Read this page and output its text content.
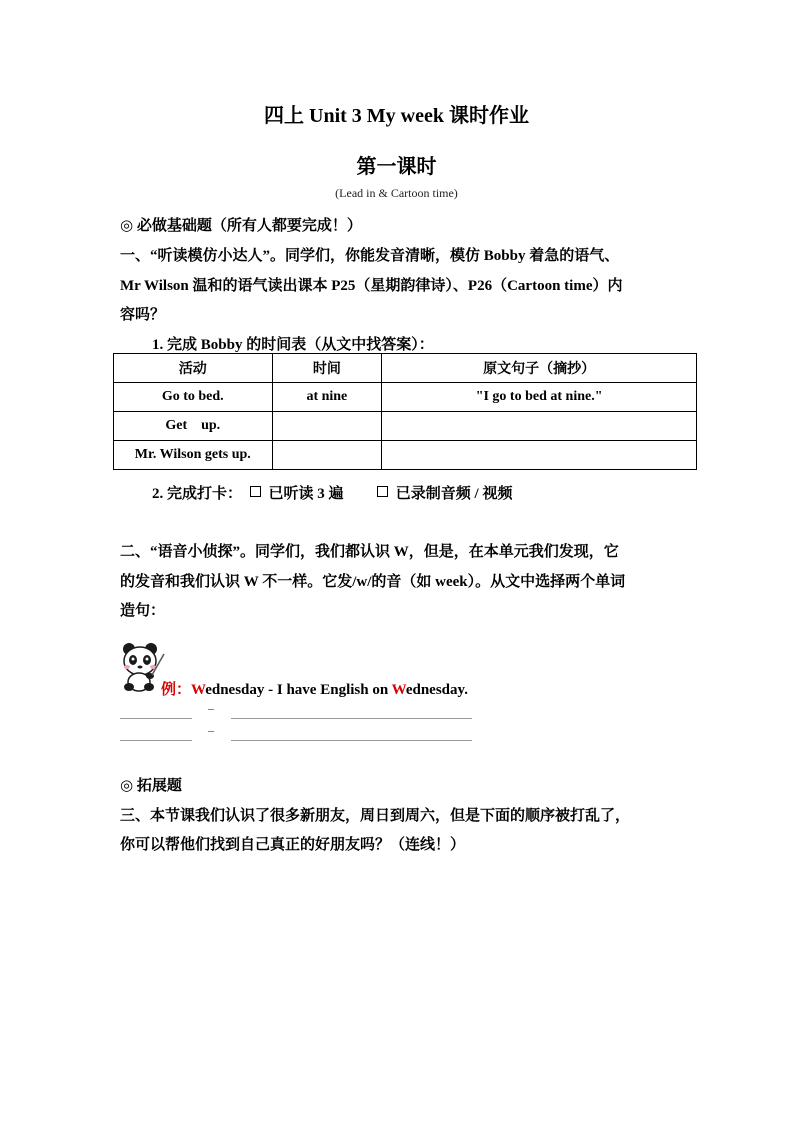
四上 Unit 3 My week 课时作业
第一课时
(Lead in & Cartoon time)
◎ 必做基础题（所有人都要完成！）
一、“听读模仿小达人”。同学们，你能发音清晰，模仿 Bobby 着急的语气、
Mr Wilson 温和的语气读出课本 P25（星期韵律诗）、P26（Cartoon time）内
容吗？
1. 完成 Bobby 的时间表（从文中找答案）：
活动	时间	原文句子（摘抄）
Go to bed.	at nine	"I go to bed at nine."
Get    up.		
Mr. Wilson gets up.		
2. 完成打卡： 已听读 3 遍	已录制音频 / 视频
二、“语音小侦探”。同学们，我们都认识 W，但是，在本单元我们发现，它
的发音和我们认识 W 不一样。它发/w/的音（如 week）。从文中选择两个单词
造句：
例：Wednesday - I have English on Wednesday.
–
–
◎ 拓展题
三、本节课我们认识了很多新朋友，周日到周六，但是下面的顺序被打乱了，
你可以帮他们找到自己真正的好朋友吗？（连线！）
